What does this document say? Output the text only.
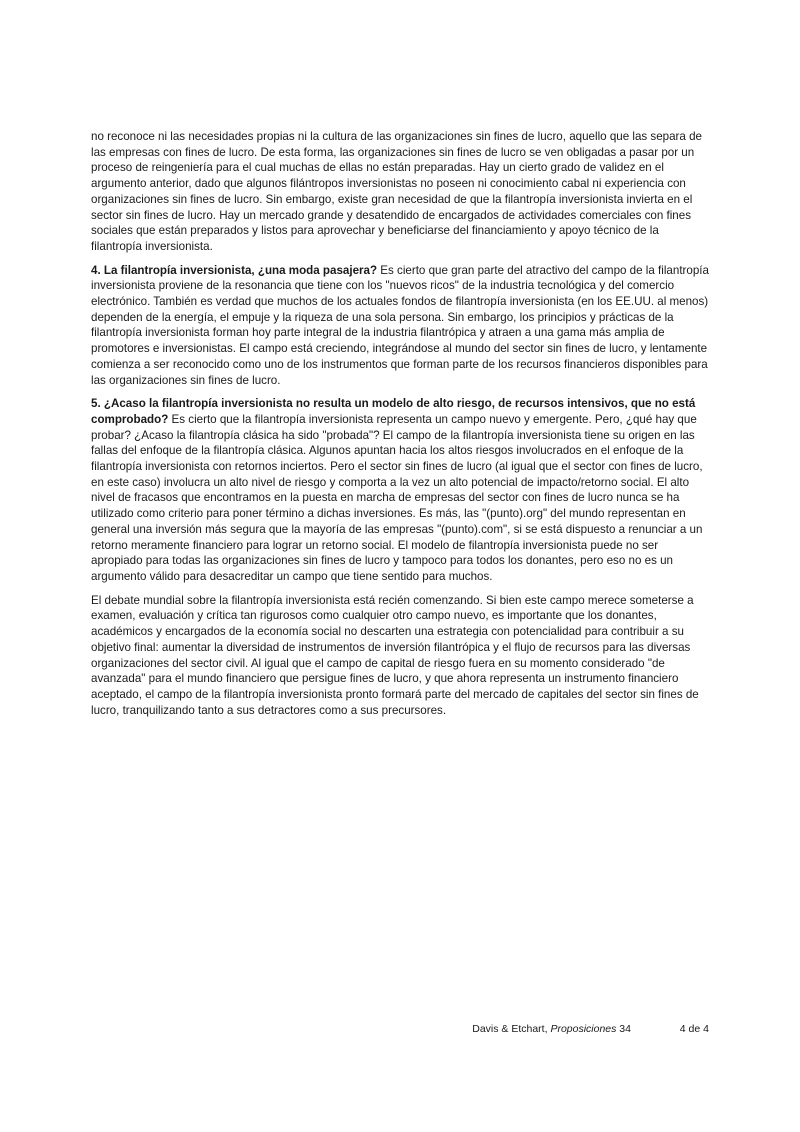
no reconoce ni las necesidades propias ni la cultura de las organizaciones sin fines de lucro, aquello que las separa de las empresas con fines de lucro. De esta forma, las organizaciones sin fines de lucro se ven obligadas a pasar por un proceso de reingeniería para el cual muchas de ellas no están preparadas. Hay un cierto grado de validez en el argumento anterior, dado que algunos filántropos inversionistas no poseen ni conocimiento cabal ni experiencia con organizaciones sin fines de lucro. Sin embargo, existe gran necesidad de que la filantropía inversionista invierta en el sector sin fines de lucro. Hay un mercado grande y desatendido de encargados de actividades comerciales con fines sociales que están preparados y listos para aprovechar y beneficiarse del financiamiento y apoyo técnico de la filantropía inversionista.

4. La filantropía inversionista, ¿una moda pasajera? Es cierto que gran parte del atractivo del campo de la filantropía inversionista proviene de la resonancia que tiene con los "nuevos ricos" de la industria tecnológica y del comercio electrónico. También es verdad que muchos de los actuales fondos de filantropía inversionista (en los EE.UU. al menos) dependen de la energía, el empuje y la riqueza de una sola persona. Sin embargo, los principios y prácticas de la filantropía inversionista forman hoy parte integral de la industria filantrópica y atraen a una gama más amplia de promotores e inversionistas. El campo está creciendo, integrándose al mundo del sector sin fines de lucro, y lentamente comienza a ser reconocido como uno de los instrumentos que forman parte de los recursos financieros disponibles para las organizaciones sin fines de lucro.

5. ¿Acaso la filantropía inversionista no resulta un modelo de alto riesgo, de recursos intensivos, que no está comprobado? Es cierto que la filantropía inversionista representa un campo nuevo y emergente. Pero, ¿qué hay que probar? ¿Acaso la filantropía clásica ha sido "probada"? El campo de la filantropía inversionista tiene su origen en las fallas del enfoque de la filantropía clásica. Algunos apuntan hacia los altos riesgos involucrados en el enfoque de la filantropía inversionista con retornos inciertos. Pero el sector sin fines de lucro (al igual que el sector con fines de lucro, en este caso) involucra un alto nivel de riesgo y comporta a la vez un alto potencial de impacto/retorno social. El alto nivel de fracasos que encontramos en la puesta en marcha de empresas del sector con fines de lucro nunca se ha utilizado como criterio para poner término a dichas inversiones. Es más, las "(punto).org" del mundo representan en general una inversión más segura que la mayoría de las empresas "(punto).com", si se está dispuesto a renunciar a un retorno meramente financiero para lograr un retorno social. El modelo de filantropía inversionista puede no ser apropiado para todas las organizaciones sin fines de lucro y tampoco para todos los donantes, pero eso no es un argumento válido para desacreditar un campo que tiene sentido para muchos.

El debate mundial sobre la filantropía inversionista está recién comenzando. Si bien este campo merece someterse a examen, evaluación y crítica tan rigurosos como cualquier otro campo nuevo, es importante que los donantes, académicos y encargados de la economía social no descarten una estrategia con potencialidad para contribuir a su objetivo final: aumentar la diversidad de instrumentos de inversión filantrópica y el flujo de recursos para las diversas organizaciones del sector civil. Al igual que el campo de capital de riesgo fuera en su momento considerado "de avanzada" para el mundo financiero que persigue fines de lucro, y que ahora representa un instrumento financiero aceptado, el campo de la filantropía inversionista pronto formará parte del mercado de capitales del sector sin fines de lucro, tranquilizando tanto a sus detractores como a sus precursores.

Davis & Etchart, Proposiciones 34	4 de 4
